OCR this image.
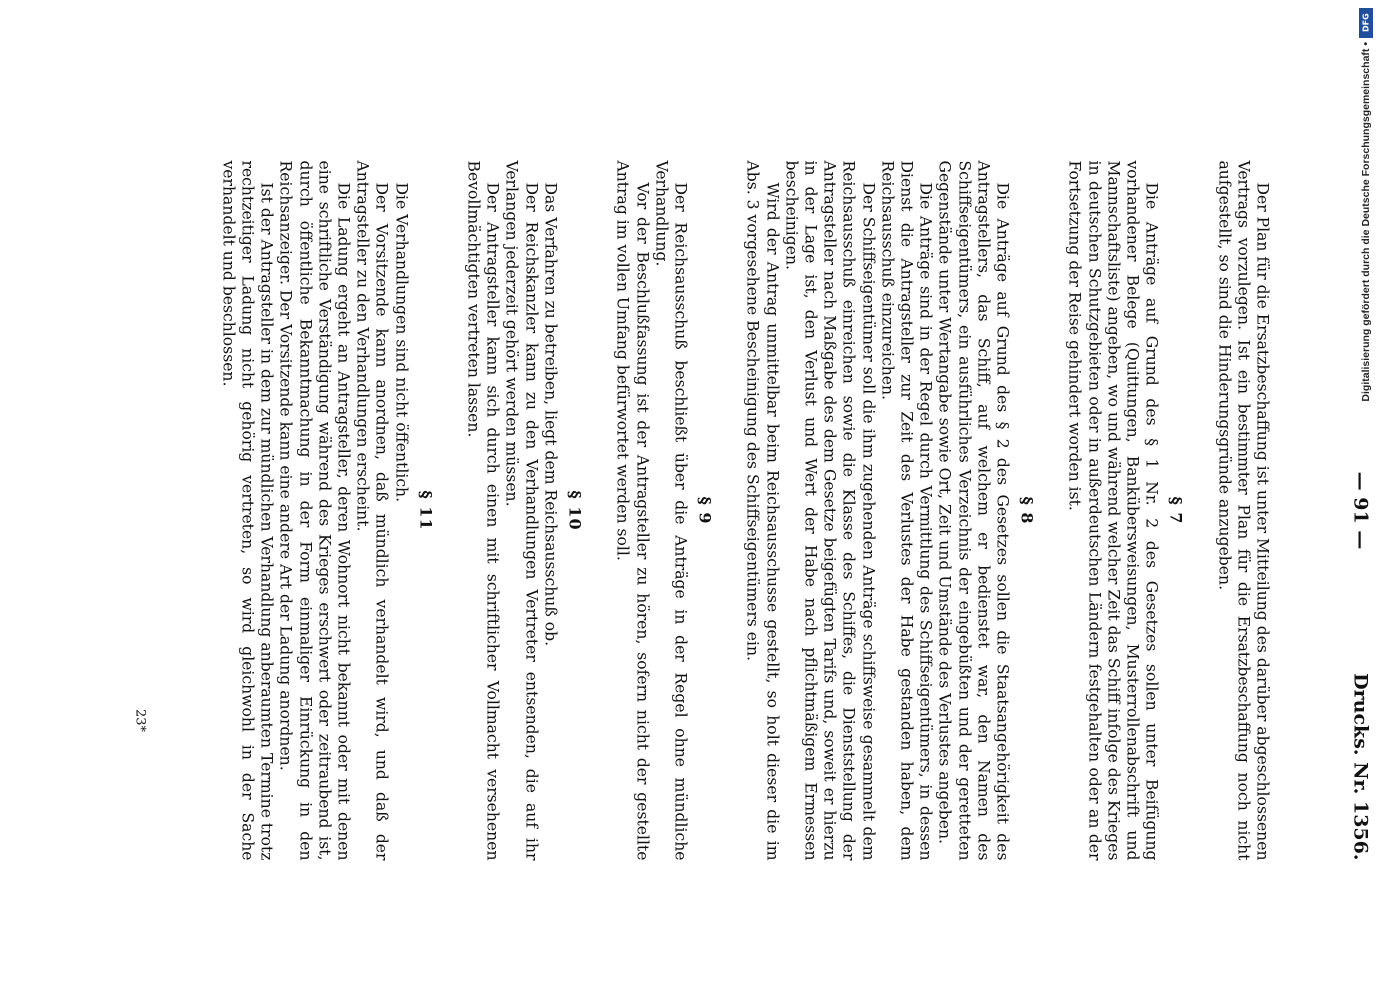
— 91 —
Drucks. Nr. 1356.

Der Plan für die Ersatzbeschaffung ist unter Mitteilung des darüber abgeschlossenen Vertrags vorzulegen. Ist ein bestimmter Plan für die Ersatzbeschaffung noch nicht aufgestellt, so sind die Hinderungsgründe anzugeben.

§ 7

Die Anträge auf Grund des § 1 Nr. 2 des Gesetzes sollen unter Beifügung vorhandener Belege (Quittungen, Bankübersweisungen, Musterrollenabschrift und Mannschaftsliste) angeben, wo und während welcher Zeit das Schiff infolge des Krieges in deutschen Schutzgebieten oder in außerdeutschen Ländern festgehalten oder an der Fortsetzung der Reise gehindert worden ist.

§ 8

Die Anträge auf Grund des § 2 des Gesetzes sollen die Staatsangehörigkeit des Antragstellers, das Schiff, auf welchem er bedienstet war, den Namen des Schiffseigentümers, ein ausführliches Verzeichnis der eingebüßten und der geretteten Gegenstände unter Wertangabe sowie Ort, Zeit und Umstände des Verlustes angeben.

Die Anträge sind in der Regel durch Vermittlung des Schiffseigentümers, in dessen Dienst die Antragsteller zur Zeit des Verlustes der Habe gestanden haben, dem Reichsausschuß einzureichen.

Der Schiffseigentümer soll die ihm zugehenden Anträge schiffsweise gesammelt dem Reichsausschuß einreichen sowie die Klasse des Schiffes, die Dienststellung der Antragsteller nach Maßgabe des dem Gesetze beigefügten Tarifs und, soweit er hierzu in der Lage ist, den Verlust und Wert der Habe nach pflichtmäßigem Ermessen bescheinigen.

Wird der Antrag unmittelbar beim Reichsausschusse gestellt, so holt dieser die im Abs. 3 vorgesehene Bescheinigung des Schiffseigentümers ein.

§ 9

Der Reichsausschuß beschließt über die Anträge in der Regel ohne mündliche Verhandlung.

Vor der Beschlußfassung ist der Antragsteller zu hören, sofern nicht der gestellte Antrag im vollen Umfang befürwortet werden soll.

§ 10

Das Verfahren zu betreiben, liegt dem Reichsausschuß ob.

Der Reichskanzler kann zu den Verhandlungen Vertreter entsenden, die auf ihr Verlangen jederzeit gehört werden müssen.

Der Antragsteller kann sich durch einen mit schriftlicher Vollmacht versehenen Bevollmächtigten vertreten lassen.

§ 11

Die Verhandlungen sind nicht öffentlich.

Der Vorsitzende kann anordnen, daß mündlich verhandelt wird, und daß der Antragsteller zu den Verhandlungen erscheint.

Die Ladung ergeht an Antragsteller, deren Wohnort nicht bekannt oder mit denen eine schriftliche Verständigung während des Krieges erschwert oder zeitraubend ist, durch öffentliche Bekanntmachung in der Form einmaliger Einrückung in den Reichsanzeiger. Der Vorsitzende kann eine andere Art der Ladung anordnen.

Ist der Antragsteller in dem zur mündlichen Verhandlung anberaumten Termine trotz rechtzeitiger Ladung nicht gehörig vertreten, so wird gleichwohl in der Sache verhandelt und beschlossen.

23*
DFG
Digitalisierung gefördert durch die Deutsche Forschungsgemeinschaft •
